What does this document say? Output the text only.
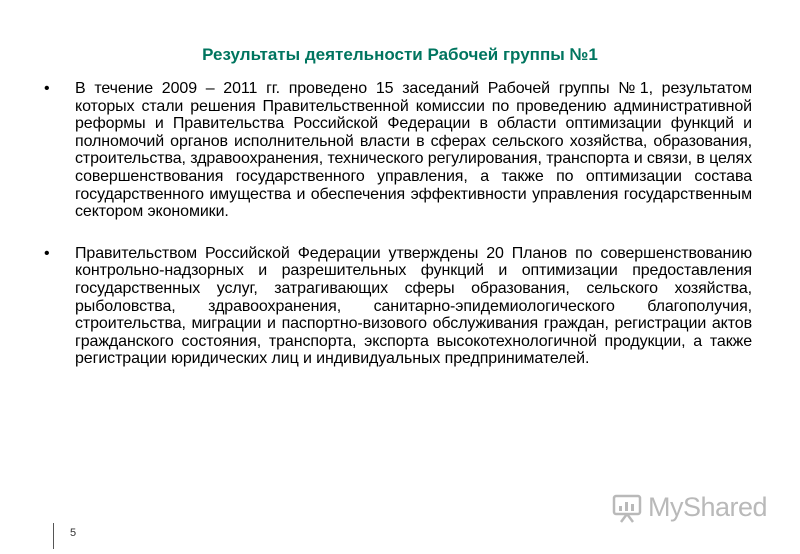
Результаты деятельности Рабочей группы №1
• В течение 2009 – 2011 гг. проведено 15 заседаний Рабочей группы №1, результатом которых стали решения Правительственной комиссии по проведению административной реформы и Правительства Российской Федерации в области оптимизации функций и полномочий органов исполнительной власти в сферах сельского хозяйства, образования, строительства, здравоохранения, технического регулирования, транспорта и связи, в целях совершенствования государственного управления, а также по оптимизации состава государственного имущества и обеспечения эффективности управления государственным сектором экономики.
• Правительством Российской Федерации утверждены 20 Планов по совершенствованию контрольно-надзорных и разрешительных функций и оптимизации предоставления государственных услуг, затрагивающих сферы образования, сельского хозяйства, рыболовства, здравоохранения, санитарно-эпидемиологического благополучия, строительства, миграции и паспортно-визового обслуживания граждан, регистрации актов гражданского состояния, транспорта, экспорта высокотехнологичной продукции, а также регистрации юридических лиц и индивидуальных предпринимателей.
5
MyShared
